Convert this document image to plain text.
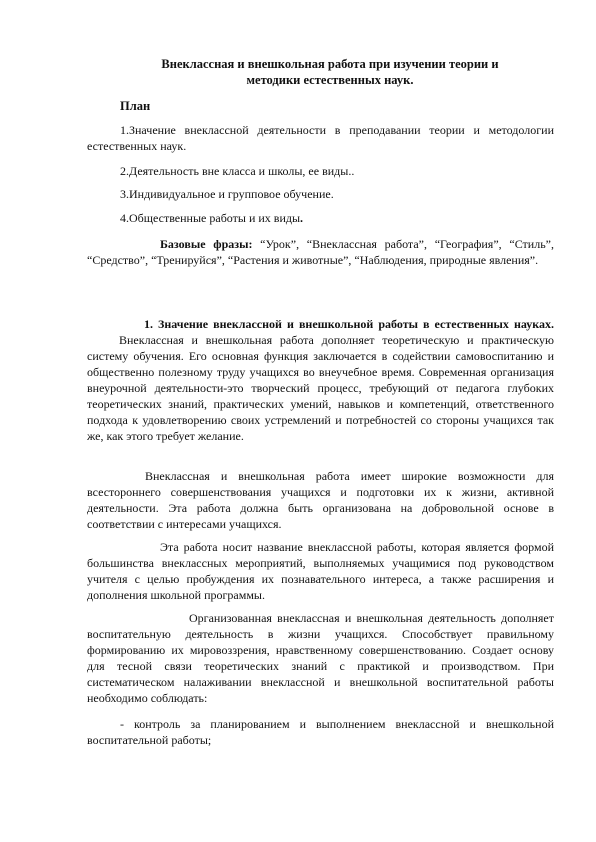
Внеклассная и внешкольная работа при изучении теории и
методики естественных наук.
План
1.Значение внеклассной деятельности в преподавании теории и методологии естественных наук.
2.Деятельность вне класса и школы, ее виды..
3.Индивидуальное и групповое обучение.
4.Общественные работы и их виды.
Базовые фразы: “Урок”, “Внеклассная работа”, “География”, “Стиль”, “Средство”, “Тренируйся”, “Растения и животные”, “Наблюдения, природные явления”.
1. Значение внеклассной и внешкольной работы в естественных науках.Внеклассная и внешкольная работа дополняет теоретическую и практическую систему обучения. Его основная функция заключается в содействии самовоспитанию и общественно полезному труду учащихся во внеучебное время. Современная организация внеурочной деятельности-это творческий процесс, требующий от педагога глубоких теоретических знаний, практических умений, навыков и компетенций, ответственного подхода к удовлетворению своих устремлений и потребностей со стороны учащихся так же, как этого требует желание.
Внеклассная и внешкольная работа имеет широкие возможности для всестороннего совершенствования учащихся и подготовки их к жизни, активной деятельности. Эта работа должна быть организована на добровольной основе в соответствии с интересами учащихся.
Эта работа носит название внеклассной работы, которая является формой большинства внеклассных мероприятий, выполняемых учащимися под руководством учителя с целью пробуждения их познавательного интереса, а также расширения и дополнения школьной программы.
Организованная внеклассная и внешкольная деятельность дополняет воспитательную деятельность в жизни учащихся. Способствует правильному формированию их мировоззрения, нравственному совершенствованию. Создает основу для тесной связи теоретических знаний с практикой и производством. При систематическом налаживании внеклассной и внешкольной воспитательной работы необходимо соблюдать:
- контроль за планированием и выполнением внеклассной и внешкольной воспитательной работы;
